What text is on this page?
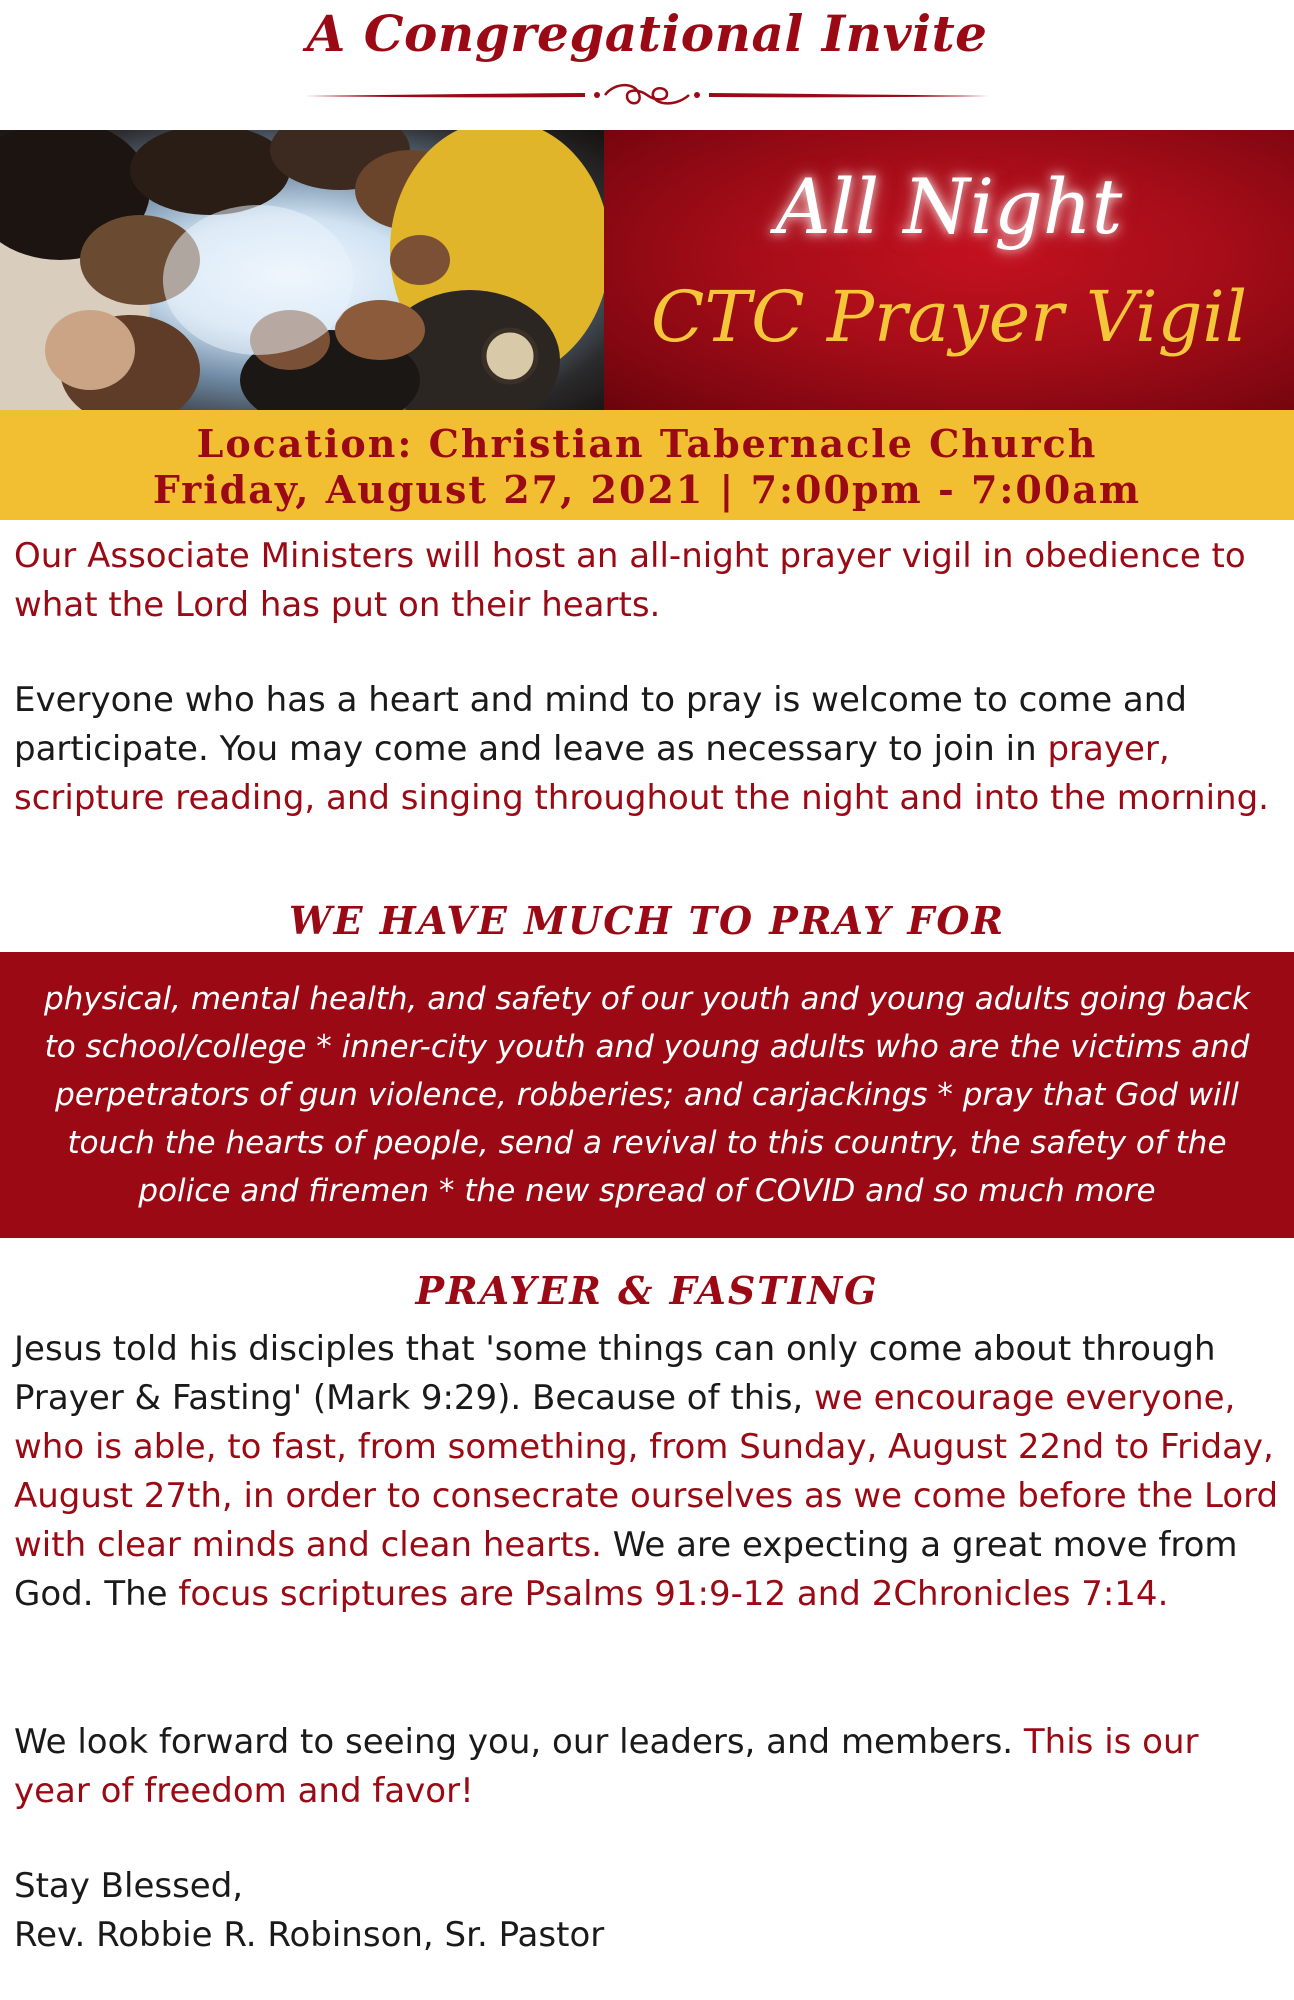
A Congregational Invite
All Night
CTC Prayer Vigil
Location: Christian Tabernacle Church
Friday, August 27, 2021 | 7:00pm - 7:00am
Our Associate Ministers will host an all-night prayer vigil in obedience to what the Lord has put on their hearts.
Everyone who has a heart and mind to pray is welcome to come and participate. You may come and leave as necessary to join in prayer, scripture reading, and singing throughout the night and into the morning.
WE HAVE MUCH TO PRAY FOR
physical, mental health, and safety of our youth and young adults going back to school/college * inner-city youth and young adults who are the victims and perpetrators of gun violence, robberies; and carjackings * pray that God will touch the hearts of people, send a revival to this country, the safety of the police and firemen * the new spread of COVID and so much more
PRAYER & FASTING
Jesus told his disciples that 'some things can only come about through Prayer & Fasting' (Mark 9:29). Because of this, we encourage everyone, who is able, to fast, from something, from Sunday, August 22nd to Friday, August 27th, in order to consecrate ourselves as we come before the Lord with clear minds and clean hearts. We are expecting a great move from God. The focus scriptures are Psalms 91:9-12 and 2Chronicles 7:14.
We look forward to seeing you, our leaders, and members. This is our year of freedom and favor!
Stay Blessed,
Rev. Robbie R. Robinson, Sr. Pastor
